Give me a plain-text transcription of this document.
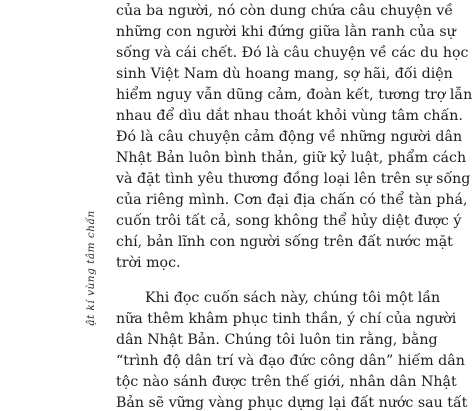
ật kí vùng tâm chấn
của ba người, nó còn dung chứa câu chuyện về
những con người khi đứng giữa lằn ranh của sự
sống và cái chết. Đó là câu chuyện về các du học
sinh Việt Nam dù hoang mang, sợ hãi, đối diện
hiểm nguy vẫn dũng cảm, đoàn kết, tương trợ lẫn
nhau để dìu dắt nhau thoát khỏi vùng tâm chấn.
Đó là câu chuyện cảm động về những người dân
Nhật Bản luôn bình thản, giữ kỷ luật, phẩm cách
và đặt tình yêu thương đồng loại lên trên sự sống
của riêng mình. Cơn đại địa chấn có thể tàn phá,
cuốn trôi tất cả, song không thể hủy diệt được ý
chí, bản lĩnh con người sống trên đất nước mặt
trời mọc.
Khi đọc cuốn sách này, chúng tôi một lần
nữa thêm khâm phục tinh thần, ý chí của người
dân Nhật Bản. Chúng tôi luôn tin rằng, bằng
“trình độ dân trí và đạo đức công dân” hiếm dân
tộc nào sánh được trên thế giới, nhân dân Nhật
Bản sẽ vững vàng phục dựng lại đất nước sau tất
